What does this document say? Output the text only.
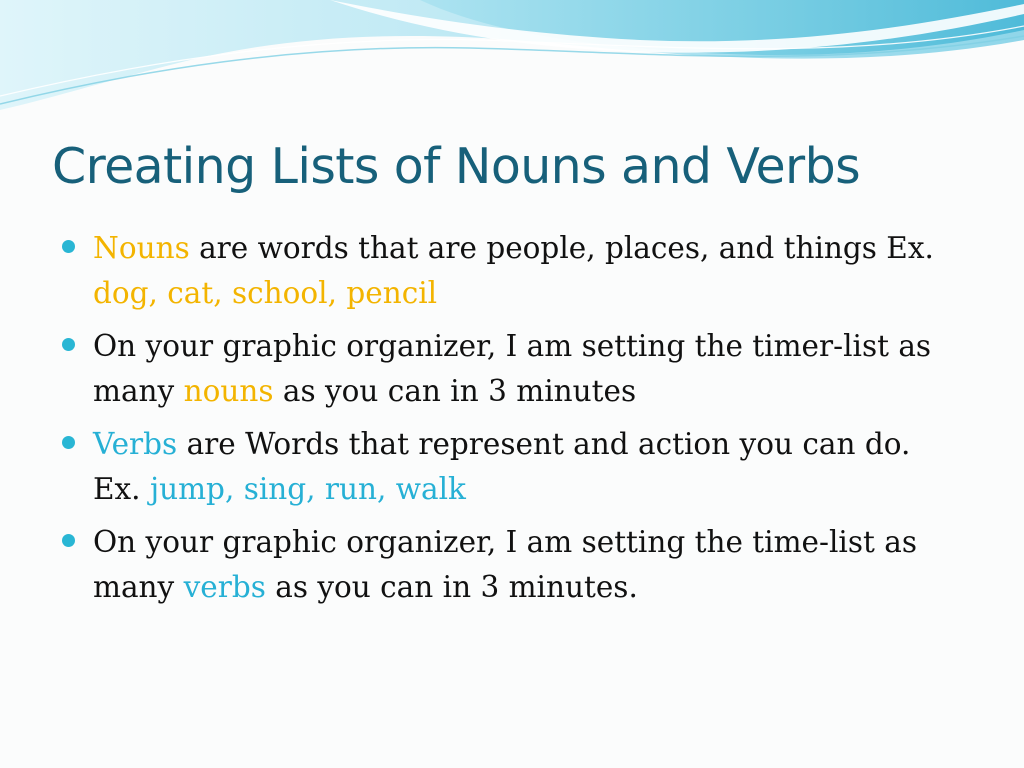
Creating Lists of Nouns and Verbs
Nouns are words that are people, places, and things Ex. dog, cat, school, pencil
On your graphic organizer, I am setting the timer-list as many nouns as you can in 3 minutes
Verbs are Words that represent and action you can do. Ex. jump, sing, run, walk
On your graphic organizer, I am setting the time-list as many verbs as you can in 3 minutes.
